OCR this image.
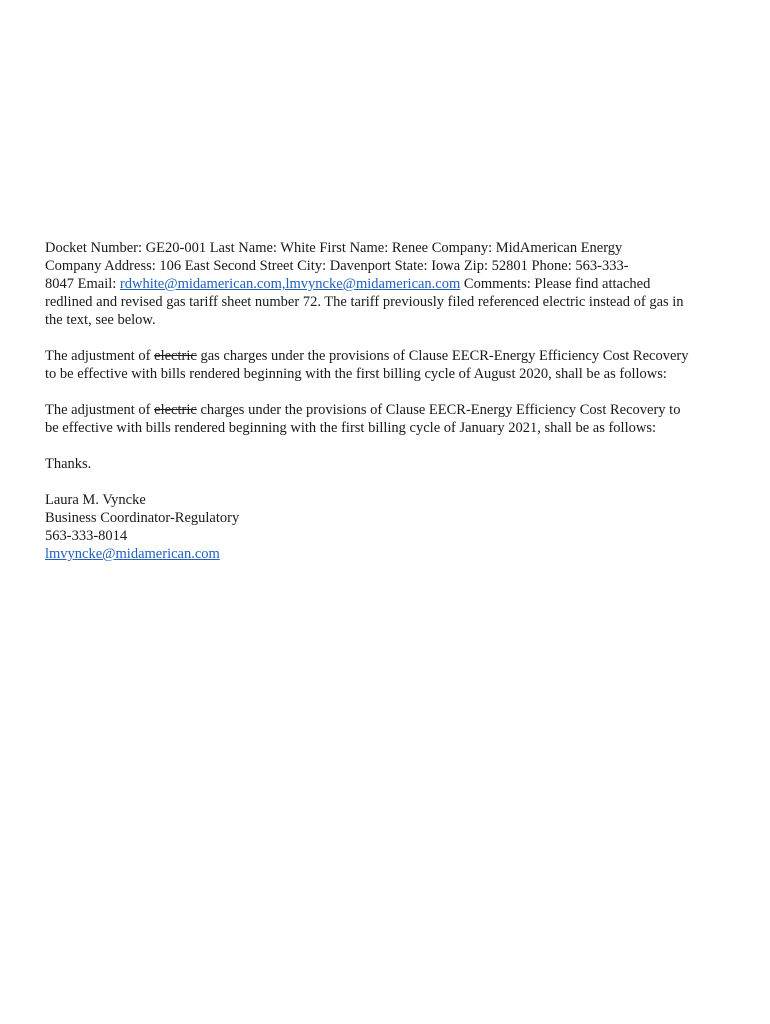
Docket Number: GE20-001 Last Name: White First Name: Renee Company: MidAmerican Energy
Company Address: 106 East Second Street City: Davenport State: Iowa Zip: 52801 Phone: 563-333-
8047 Email: rdwhite@midamerican.com,lmvyncke@midamerican.com Comments: Please find attached
redlined and revised gas tariff sheet number 72. The tariff previously filed referenced electric instead of gas in
the text, see below.

The adjustment of electric gas charges under the provisions of Clause EECR-Energy Efficiency Cost Recovery
to be effective with bills rendered beginning with the first billing cycle of August 2020, shall be as follows:

The adjustment of electric charges under the provisions of Clause EECR-Energy Efficiency Cost Recovery to
be effective with bills rendered beginning with the first billing cycle of January 2021, shall be as follows:

Thanks.

Laura M. Vyncke
Business Coordinator-Regulatory
563-333-8014
lmvyncke@midamerican.com
